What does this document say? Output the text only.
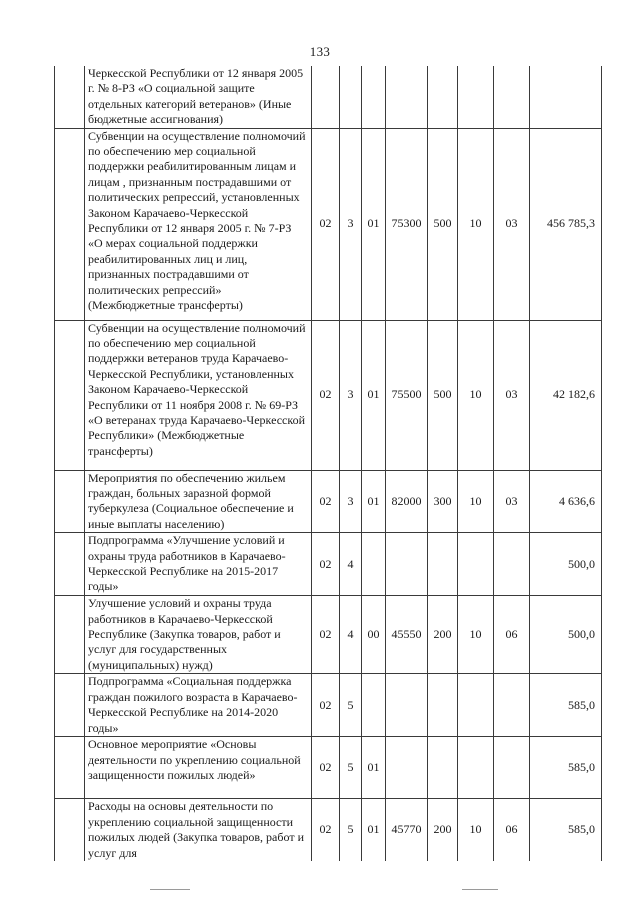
133
	Черкесской Республики от 12 января 2005 г. № 8-РЗ «О социальной защите отдельных категорий ветеранов» (Иные бюджетные ассигнования)								
	Субвенции на осуществление полномочий по обеспечению мер социальной поддержки реабилитированным лицам и лицам , признанным пострадавшими от политических репрессий, установленных Законом Карачаево-Черкесской Республики от 12 января 2005 г. № 7-РЗ «О мерах социальной поддержки реабилитированных лиц и лиц, признанных пострадавшими от политических репрессий» (Межбюджетные трансферты)	02	3	01	75300	500	10	03	456 785,3
	Субвенции на осуществление полномочий по обеспечению мер социальной поддержки ветеранов труда Карачаево-Черкесской Республики, установленных Законом Карачаево-Черкесской Республики от 11 ноября 2008 г. № 69-РЗ «О ветеранах труда Карачаево-Черкесской Республики» (Межбюджетные трансферты)	02	3	01	75500	500	10	03	42 182,6
	Мероприятия по обеспечению жильем граждан, больных заразной формой туберкулеза (Социальное обеспечение и иные выплаты населению)	02	3	01	82000	300	10	03	4 636,6
	Подпрограмма «Улучшение условий и охраны труда работников в Карачаево-Черкесской Республике на 2015-2017 годы»	02	4						500,0
	Улучшение условий и охраны труда работников в Карачаево-Черкесской Республике (Закупка товаров, работ и услуг для государственных (муниципальных) нужд)	02	4	00	45550	200	10	06	500,0
	Подпрограмма «Социальная поддержка граждан пожилого возраста в Карачаево-Черкесской Республике на 2014-2020 годы»	02	5						585,0
	Основное мероприятие «Основы деятельности по укреплению социальной защищенности пожилых людей»	02	5	01					585,0
	Расходы на основы деятельности по укреплению социальной защищенности пожилых людей (Закупка товаров, работ и услуг для	02	5	01	45770	200	10	06	585,0
